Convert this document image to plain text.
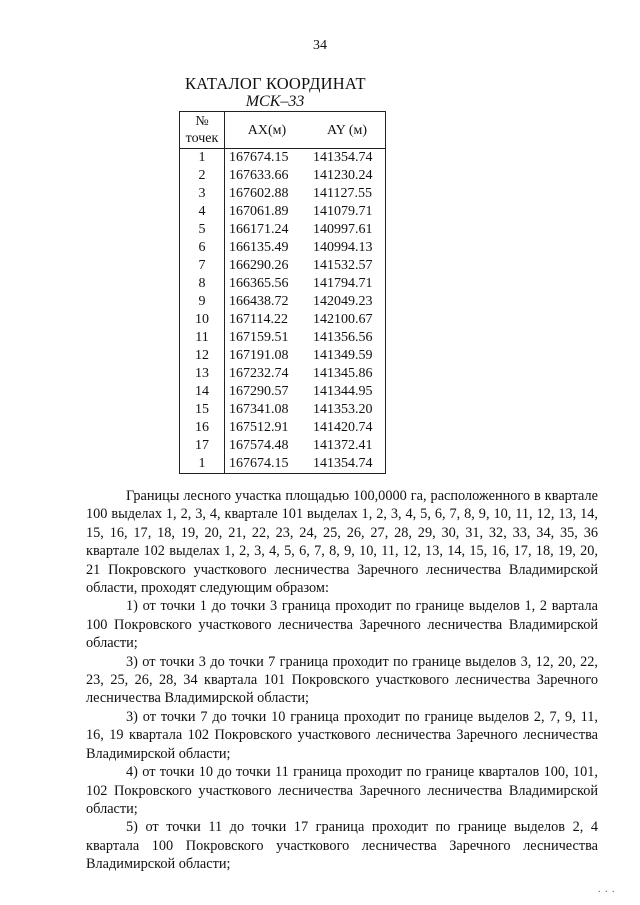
34
КАТАЛОГ КООРДИНАТ
МСК–33
№
точек	AX(м)	AY (м)
1	167674.15	141354.74
2	167633.66	141230.24
3	167602.88	141127.55
4	167061.89	141079.71
5	166171.24	140997.61
6	166135.49	140994.13
7	166290.26	141532.57
8	166365.56	141794.71
9	166438.72	142049.23
10	167114.22	142100.67
11	167159.51	141356.56
12	167191.08	141349.59
13	167232.74	141345.86
14	167290.57	141344.95
15	167341.08	141353.20
16	167512.91	141420.74
17	167574.48	141372.41
1	167674.15	141354.74

Границы лесного участка площадью 100,0000 га, расположенного в квартале 100 выделах 1, 2, 3, 4, квартале 101 выделах 1, 2, 3, 4, 5, 6, 7, 8, 9, 10, 11, 12, 13, 14, 15, 16, 17, 18, 19, 20, 21, 22, 23, 24, 25, 26, 27, 28, 29, 30, 31, 32, 33, 34, 35, 36 квартале 102 выделах 1, 2, 3, 4, 5, 6, 7, 8, 9, 10, 11, 12, 13, 14, 15, 16, 17, 18, 19, 20, 21 Покровского участкового лесничества Заречного лесничества Владимирской области, проходят следующим образом:

1) от точки 1 до точки 3 граница проходит по границе выделов 1, 2 вартала 100 Покровского участкового лесничества Заречного лесничества Владимирской области;

3) от точки 3 до точки 7 граница проходит по границе выделов 3, 12, 20, 22, 23, 25, 26, 28, 34 квартала 101 Покровского участкового лесничества Заречного лесничества Владимирской области;

3) от точки 7 до точки 10 граница проходит по границе выделов 2, 7, 9, 11, 16, 19 квартала 102 Покровского участкового лесничества Заречного лесничества Владимирской области;

4) от точки 10 до точки 11 граница проходит по границе кварталов 100, 101, 102 Покровского участкового лесничества Заречного лесничества Владимирской области;

5) от точки 11 до точки 17 граница проходит по границе выделов 2, 4 квартала 100 Покровского участкового лесничества Заречного лесничества Владимирской области;

. . .
